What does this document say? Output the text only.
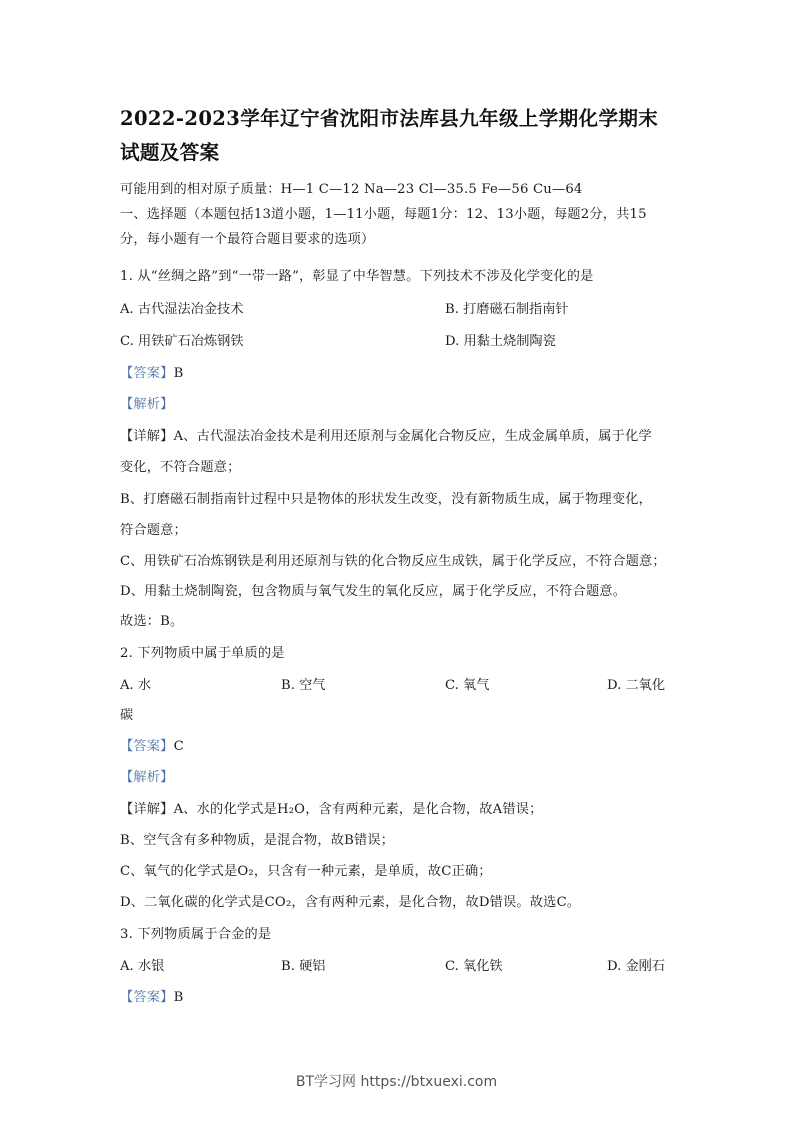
2022-2023学年辽宁省沈阳市法库县九年级上学期化学期末
试题及答案
可能用到的相对原子质量：H—1 C—12 Na—23 Cl—35.5 Fe—56 Cu—64
一、选择题（本题包括13道小题，1—11小题，每题1分：12、13小题，每题2分，共15
分，每小题有一个最符合题目要求的选项）
1. 从“丝绸之路”到“一带一路”，彰显了中华智慧。下列技术不涉及化学变化的是
A. 古代湿法冶金技术	B. 打磨磁石制指南针
C. 用铁矿石冶炼钢铁	D. 用黏土烧制陶瓷
【答案】B
【解析】
【详解】A、古代湿法冶金技术是利用还原剂与金属化合物反应，生成金属单质，属于化学
变化，不符合题意；
B、打磨磁石制指南针过程中只是物体的形状发生改变，没有新物质生成，属于物理变化，
符合题意；
C、用铁矿石冶炼钢铁是利用还原剂与铁的化合物反应生成铁，属于化学反应，不符合题意；
D、用黏土烧制陶瓷，包含物质与氧气发生的氧化反应，属于化学反应，不符合题意。
故选：B。
2. 下列物质中属于单质的是
A. 水	B. 空气	C. 氧气	D. 二氧化
碳
【答案】C
【解析】
【详解】A、水的化学式是H₂O，含有两种元素，是化合物，故A错误；
B、空气含有多种物质，是混合物，故B错误；
C、氧气的化学式是O₂，只含有一种元素，是单质，故C正确；
D、二氧化碳的化学式是CO₂，含有两种元素，是化合物，故D错误。故选C。
3. 下列物质属于合金的是
A. 水银	B. 硬铝	C. 氧化铁	D. 金刚石
【答案】B
BT学习网 https://btxuexi.com
